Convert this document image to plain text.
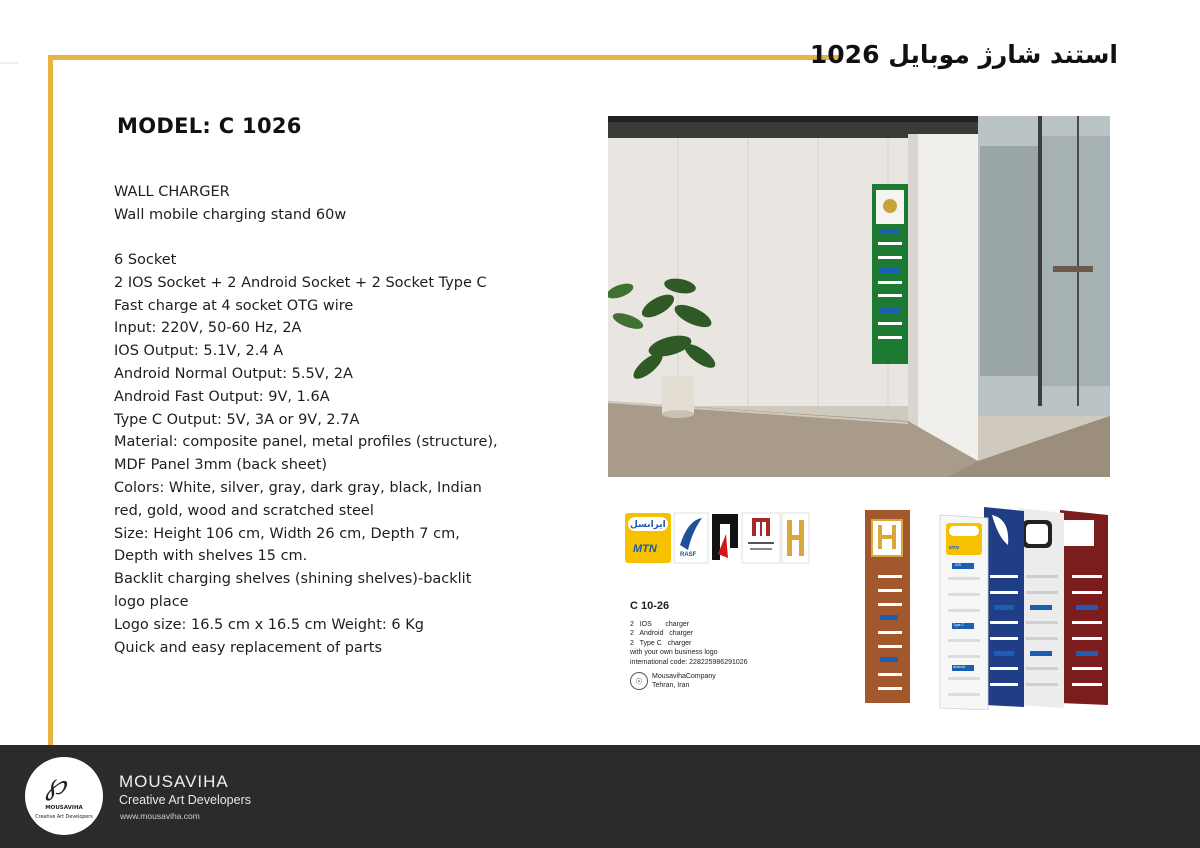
استند شارژ موبایل 1026
MODEL: C 1026
WALL CHARGER
Wall mobile charging stand 60w
6 Socket
2 IOS Socket + 2 Android Socket + 2 Socket Type C
Fast charge at 4 socket OTG wire
Input: 220V, 50-60 Hz, 2A
IOS Output: 5.1V, 2.4 A
Android Normal Output: 5.5V, 2A
Android Fast Output: 9V, 1.6A
Type C Output: 5V, 3A or 9V, 2.7A
Material: composite panel, metal profiles (structure),
MDF Panel 3mm (back sheet)
Colors: White, silver, gray, dark gray, black, Indian
red, gold, wood and scratched steel
Size: Height 106 cm, Width 26 cm, Depth 7 cm,
Depth with shelves 15 cm.
Backlit charging shelves (shining shelves)-backlit
logo place
Logo size: 16.5 cm x 16.5 cm Weight: 6 Kg
Quick and easy replacement of parts
ایرانسل
MTN	RASF
C 10-26
2   IOS       charger
2   Android   charger
2   Type C   charger
with your own business logo
international code: 228225986291026
☉	MousavihaCompany
Tehran, Iran
IOS
Type C
Android
MTN
℘
MOUSAVIHA
Creative Art Developers
MOUSAVIHA
Creative Art Developers
www.mousaviha.com
